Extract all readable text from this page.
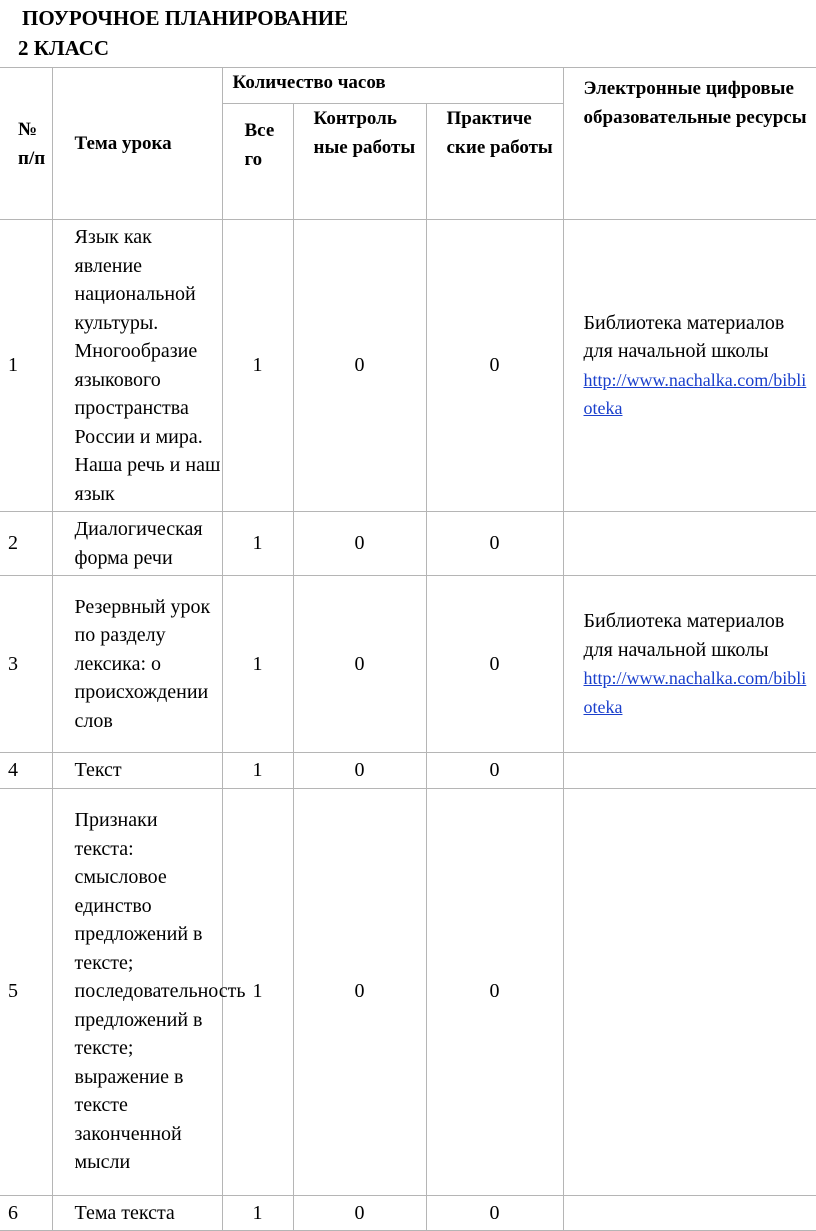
ПОУРОЧНОЕ ПЛАНИРОВАНИЕ
2 КЛАСС
№ п/п	Тема урока	Количество часов			Электронные цифровые образовательные ресурсы
		Все го	Контроль ные работы	Практиче ские работы	
1	Язык как явление национальной культуры. Многообразие языкового пространства России и мира. Наша речь и наш язык	1	0	0	Библиотека материалов для начальной школы
http://www.nachalka.com/biblioteka
2	Диалогическая форма речи	1	0	0	
3	Резервный урок по разделу лексика: о происхождении слов	1	0	0	Библиотека материалов для начальной школы
http://www.nachalka.com/biblioteka
4	Текст	1	0	0	
5	Признаки текста: смысловое единство предложений в тексте; последовательность предложений в тексте; выражение в тексте законченной мысли	1	0	0	
6	Тема текста	1	0	0	
